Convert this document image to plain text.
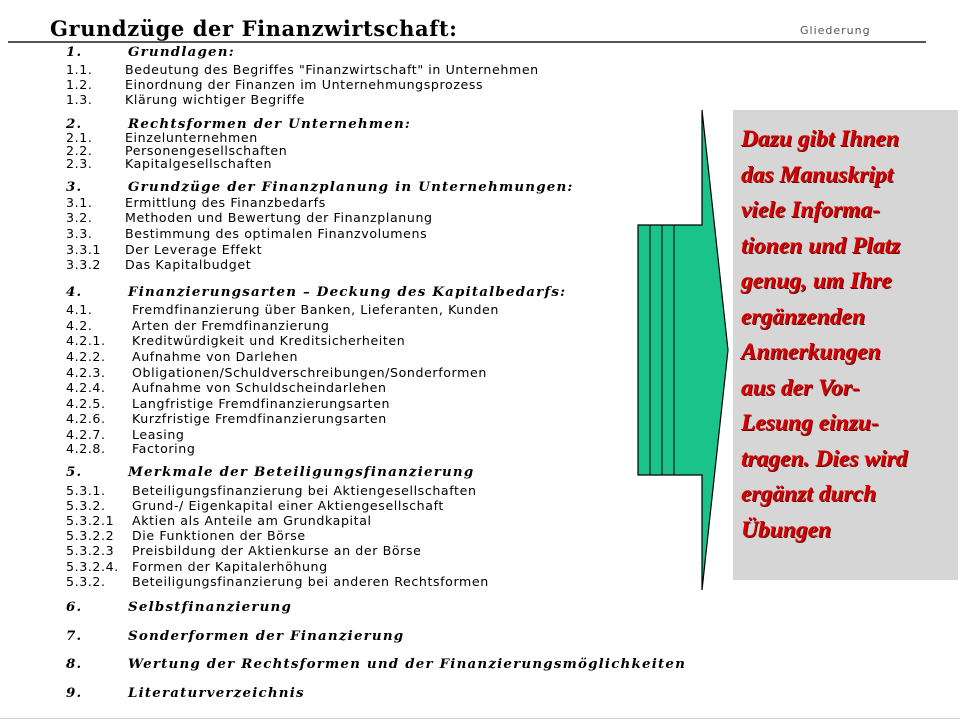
Grundzüge der Finanzwirtschaft:	Gliederung
1.	Grundlagen:
1.1.	Bedeutung des Begriffes "Finanzwirtschaft" in Unternehmen
1.2.	Einordnung der Finanzen im Unternehmungsprozess
1.3.	Klärung wichtiger Begriffe
2.	Rechtsformen der Unternehmen:
2.1.	Einzelunternehmen
2.2.	Personengesellschaften
2.3.	Kapitalgesellschaften
3.	Grundzüge der Finanzplanung in Unternehmungen:
3.1.	Ermittlung des Finanzbedarfs
3.2.	Methoden und Bewertung der Finanzplanung
3.3.	Bestimmung des optimalen Finanzvolumens
3.3.1 Der Leverage Effekt
3.3.2 Das Kapitalbudget
4.	Finanzierungsarten – Deckung des Kapitalbedarfs:
4.1.	Fremdfinanzierung über Banken, Lieferanten, Kunden
4.2.	Arten der Fremdfinanzierung
4.2.1. Kreditwürdigkeit und Kreditsicherheiten
4.2.2. Aufnahme von Darlehen
4.2.3. Obligationen/Schuldverschreibungen/Sonderformen
4.2.4. Aufnahme von Schuldscheindarlehen
4.2.5. Langfristige Fremdfinanzierungsarten
4.2.6. Kurzfristige Fremdfinanzierungsarten
4.2.7. Leasing
4.2.8. Factoring
5.	Merkmale der Beteiligungsfinanzierung
5.3.1. Beteiligungsfinanzierung bei Aktiengesellschaften
5.3.2. Grund-/ Eigenkapital einer Aktiengesellschaft
5.3.2.1 Aktien als Anteile am Grundkapital
5.3.2.2 Die Funktionen der Börse
5.3.2.3 Preisbildung der Aktienkurse an der Börse
5.3.2.4. Formen der Kapitalerhöhung
5.3.2. Beteiligungsfinanzierung bei anderen Rechtsformen
6.	Selbstfinanzierung
7.	Sonderformen der Finanzierung
8.	Wertung der Rechtsformen und der Finanzierungsmöglichkeiten
9.	Literaturverzeichnis
Dazu gibt Ihnen
das Manuskript
viele Informa-
tionen und Platz
genug, um Ihre
ergänzenden
Anmerkungen
aus der Vor-
Lesung einzu-
tragen. Dies wird
ergänzt durch
Übungen
